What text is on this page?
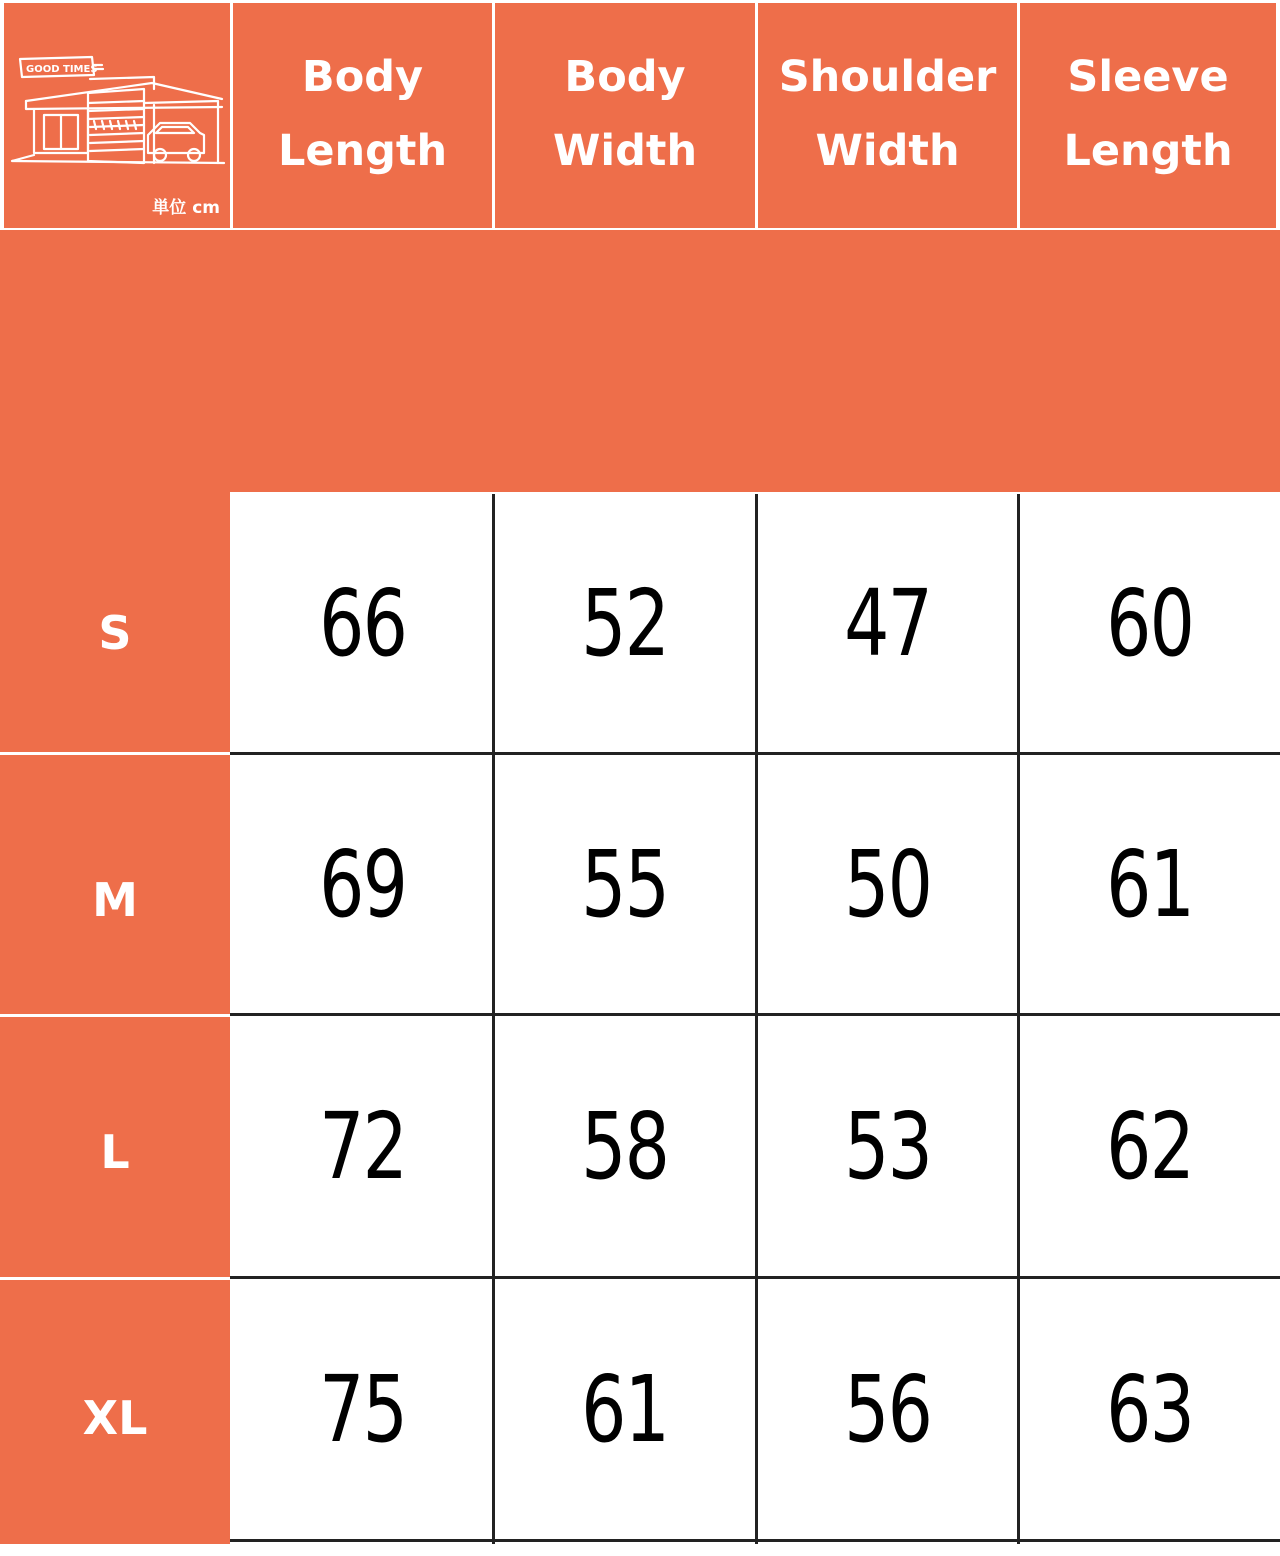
GOOD TIMES
単位 cm
Body
Length
Body
Width
Shoulder
Width
Sleeve
Length
S
M
L
XL
66 52 47 60
69 55 50 61
72 58 53 62
75 61 56 63
